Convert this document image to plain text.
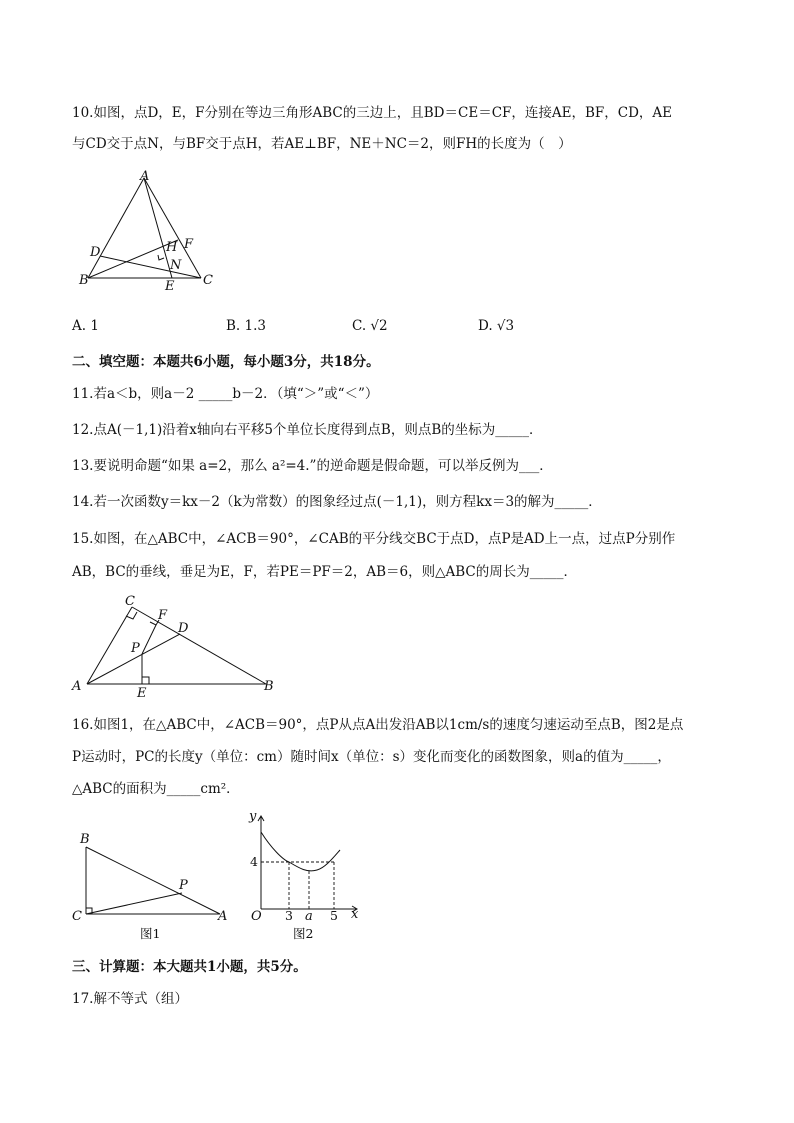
10.如图，点D，E，F分别在等边三角形ABC的三边上，且BD＝CE＝CF，连接AE，BF，CD，AE
与CD交于点N，与BF交于点H，若AE⊥BF，NE＋NC＝2，则FH的长度为（　）
A
D	H F
N
B	C
E
A. 1	B. 1.3	C. √2	D. √3
二、填空题：本题共6小题，每小题3分，共18分。
11.若a＜b，则a－2 _____b－2．（填“＞”或“＜”）
12.点A(－1,1)沿着x轴向右平移5个单位长度得到点B，则点B的坐标为_____．
13.要说明命题“如果 a=2，那么 a²=4.”的逆命题是假命题，可以举反例为___．
14.若一次函数y＝kx－2（k为常数）的图象经过点(－1,1)，则方程kx＝3的解为_____．
15.如图，在△ABC中，∠ACB＝90°，∠CAB的平分线交BC于点D，点P是AD上一点，过点P分别作
AB，BC的垂线，垂足为E，F，若PE＝PF＝2，AB＝6，则△ABC的周长为_____．
C
F
D
P
A	B
E
16.如图1，在△ABC中，∠ACB＝90°，点P从点A出发沿AB以1cm/s的速度匀速运动至点B，图2是点
P运动时，PC的长度y（单位：cm）随时间x（单位：s）变化而变化的函数图象，则a的值为_____，
△ABC的面积为_____cm²．
B
P
C	A
图1
y
4
O 3 a 5 x
图2
三、计算题：本大题共1小题，共5分。
17.解不等式（组）
